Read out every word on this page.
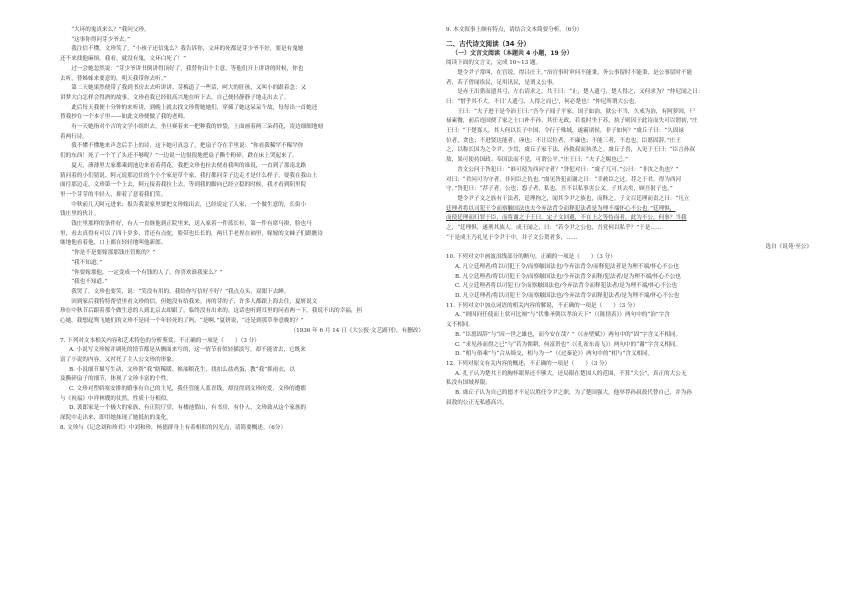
“大环的鬼真来么？”我问父珍。

“这事你得问芽少爷去。”

我注信不懂，文珍笑了，“小孩子还信鬼么？我告诉你，文环的死都是芽少爷不好，要是有鬼她

还不来找他麻烦，我看，就没有鬼，文环白死了！”

过一会她忽然说：“芽少爷讲书倒讲得顶好了，我替你出个主意，等他们开上讲讲的时候，你也

去听，替姊姊来要意的，明天我带你去听。”

第二天她果然便带了我到书房去去听讲讲。芽梅道了一些话，呵大的肝孩，又叫小的跟着念：又

讲梦大白怎样会得酒的故事。文珍看我已经很高兴地在听下去，自己便轻静静子地走出去了。

此后每天我便十分钟的来听讲，到晚上就去找文珍帮她她们，穿插了她这呆呆个故，每每出一首她还

替我抄在一个本子里——如此文珍便做了我的老师。

有一天她指对个吉的文学小组织去，坐旦赛着来一把种我的妙袋，上面画着两三朵荷花，凌边细细地刻

着两行诗。

我不懂不懂地来声念后手上的诗，这下她可真急了，把扇子夺在手里说：“你看我稀罕不稀罕你

们的东西！死了一个丫了头还不够呢？”一边说一边很很地把扇子撕个粉碎，跌在床上哭起来了。

夏天，薄薄里大家都乘到池边来看着荷花，我把文珍也拉去便看我叫的谁说，一直到了那南北路

猜问着的小们猜说。阿元说那边住的个小个家是草个家，我打都问芽子边走才是什么样子，要我在我山上

面往那边走。文珍第一个上去，阿元接着我拉上去，等到我的脚向已经立稳的时候，我才看到阳里院

里一个芽芽的半轻人，抑着了意着我们笑。

中秋前几天阿元进来；报告我说家里要把文珍嫁出去，已经说定了人家，一个做生意的，长街小

钱庄里的伙计。

钱庄里那样的条件好，有人一直继他到正院里来，送入家着一件蓝长衫，第一件有席马褂，脸也马

里，看去真得有可以了四十岁多，背还有点驼，脸带也长长的，两只手老捏在袖里，嫁嫁的文棘子们跟瞧诗

继地他看着他，口上都在轻轻地叫他新郎。

“你是不是要嫁那那钱庄管账的？”

“我不知道。”

“你要嫁那他，一定变成一个有钱的人了，你喜欢谁我家么？”

“我也不知道。”

我哭了。文珍也要笑，说：“笑没有用的，我给你写信好不好？”我点点头，双眼下去睡。

回到家后我特特帮望里看文珍的信，但她没有给我来。再的芽的子，许多人都跟上海去住，夏妍说文

珍在中秋节后跟着那个做生意的人到北京去却跟了，临终没有出来的。这话也听到耳里的问看两一下，我说不出的幸福，担

心她。我想起鸳飞她们的文珍不是同一个年轻死的了吗。“是啊，”夏妍说，“还是到那草拳意晚的？”

（1936 年 6 月 14 日《大公报·文艺副刊》，有删改）

7. 下列对文本相关内容和艺术特色的分析鉴赏，不正确的一项是（　　）（3 分）

A. 小说写文珍嫁并调死的情节都是从侧面来写的，这一情节看似轻描淡写，却不能省去，它既来

富了小说的内容，又衬托了主人公文珍的形象。

B. 小说细节描写生动，文珍帮“我”瞎稀暖、换油粮花生，找扣么盐鸡蛋，教“我”抓雨衣，以

及撕碎扇子的细节，体现了文珍丰富的个性。

C. 文珍对塑娇塞安排的婚事有自己的主见，我任管能人蓝青钱，却没得到文珍的爱，文珍的遭都

与《祝福》中祥林嫂的仗然，性质十分相似。

D. 袭郎家是一个极大的家族，有正院厅堂，有楼池假山，有书房，有仆人，文珍致从这个家族的

深院中走出来，即用她抹现了她抵抗的变化。

8. 文珍与《记念刘和珍君》中刘和珍，杨德群身上有着相似的闪光点，请简要概述。（6分）

9. 本文叙事上颇有特点，请结合文本简要分析。（6分）

二、古代诗文阅读（34 分）

（一）文言文阅读（本题共 4 小题，19 分）

阅读下面的文言文，完成 10~13 题。

楚令尹子常叫，在宫说，得吕庄王。”治官事时审问不能秉，务公事留时不能秉，是公事留时不能

者，若子曾闻诶民，足用讯民，是谓义公事。

是赤王出猎而遗其弓，左右请求之，共王曰：“止，楚人遗弓，楚人得之，又何求为？”仲尼闻之日：

曰：“惜乎其不大，不日‘人遗弓，人得之而已’，何必楚也！”仲尼所谓大公也。

王曰：“夫子进于是今治王曰：”吾今子闻子平家，国子如治，狱公不当，久戒为治，有阿萝因，尸

禄素餐，前后连国便了家之士口补不孙，其任无政，若羞时坐于苏，执子则因于此诗而失可以谓初，”庄

王曰：“于楚寡人，其人何以长子中国，令行于殊域，遂霸诸侯，非子如何？”虞丘子曰：“久固禄

位者，贪也；不进贤达能者，诬也；不让以位者，不廉也；不能三者，不忠也。臣愿固辞。”庄王

之，以称长国为之令尹。少焉，虞丘子家干法，孙救叔而执杀之。虞丘子喜，入见于王曰：“臣言孙叔

敖，果可使持国政。奉国法而不党，可谓公平。”庄王曰：“夫子之赐也已。”

晋文公问于咎犯曰：“谁可使为西河守者？”咎犯对曰：“虞子兀可。”公曰：“非汝之仇也？”

对曰：“君问可为守者，非问臣之仇也。”虞见咎犯而谢之曰：“幸赦臣之过，荐之于君，得为西河

守。”咎犯曰：“荐子者，公也；怨子者，私也。吾不以私事害公义。子其去矣，顾吾射子也。”

楚令尹子文之族有干法者，廷理拘之，闻其令尹之族也，而释之。子文召廷理而责之曰：“凡立

廷理者将以司犯王令而察触国法也夫今弃法背令而释犯法者是为理不端怀心不公也。”廷理惧，

而使廷理而归罪于臣，而将谢之于王曰。定子文回避，不在上之等恃而者，此为不公，何事？当我

之，“廷理惧，遂刑其族人。成王闻之，曰：“若令尹之公也，吾党何以私乎？”于是……

“于是成王乃礼见于令尹于中，并子文公贺者多，……

选自《说苑·至公》

10. 下列对文中画波浪线部分的断句，正确的一项是（　　）（3 分）

A. 凡立廷理者/将以司犯王令/而察触国法也/今弃法背令/而释犯法者是为理不端/怀心不公也

B. 凡立廷理者/将以司犯王令/而察触国法也/今弃法背令而释/犯法者/是为理不端/怀心不公也

C. 凡立廷理者将以司犯王/令而察触国法也/今弃法背令而释犯法者/是为理不端/怀心不公也

D. 凡立廷理者/将以司犯王令/而察触国法也/今弃法背令而释犯法者/是为理不端/怀心不公也

11. 下列对文中加点词语的相关内容的解说，不正确的一项是（　　）（3 分）

A. “则因问任使而上状可比阐”与“伏惟圣朝以孝治天下”（《陈情表》）两句中的“治”字含

义不相同。

B. “臣愿固辞”与“因一世之雄也，而今安在哉？”（《赤壁赋》）两句中的“固”字含义不相同。

C. “求见孙而得之已”与“若为佣耕，何富贵也”（《孔雀东南飞》）两句中的“谢”字含义相同。

D. “相与俗乘”与“合从缔交，相与为一”（《过秦论》）两句中的“相与”含义相同。

12. 下列对原文有关内容的概述，不正确的一项是（　　）（3 分）

A. 孔子认为楚共王的胸怀眼界还不够大，还局限在楚国人的范围，不算“大公”，真正的大公无

私没有国域界限。

B. 虞丘子认为自己的德才不足以胜任令尹之职，为了楚国强大，他举荐孙叔敖代替自己，并为孙

叔敖的公正无私感高兴。
